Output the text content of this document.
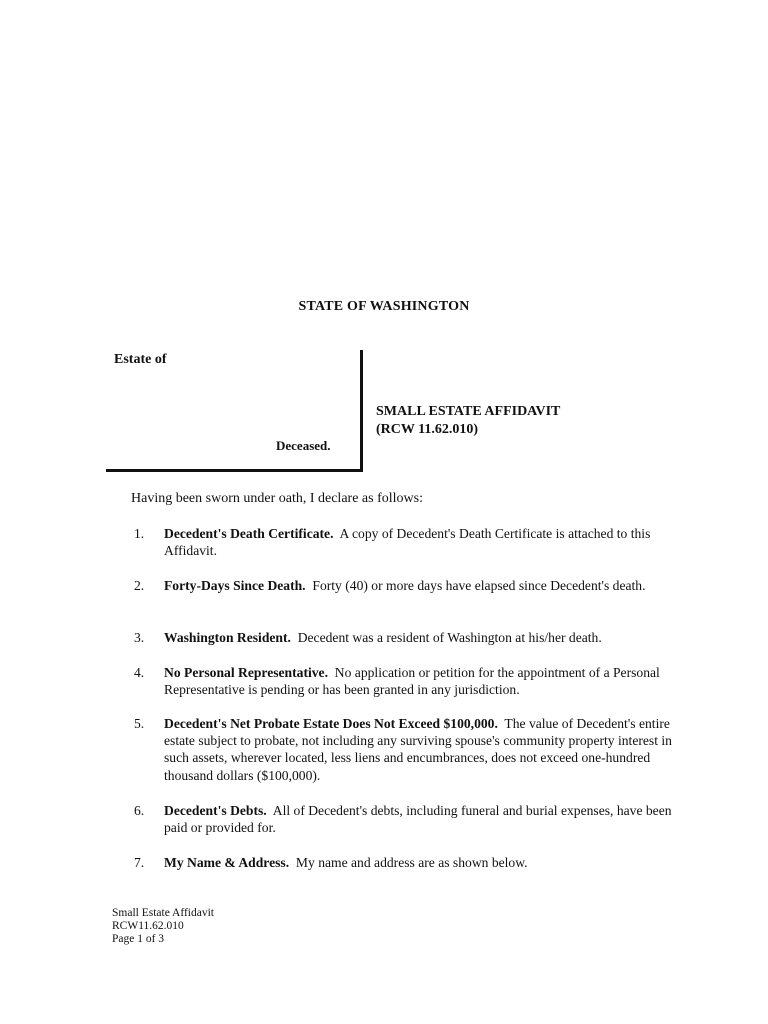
STATE OF WASHINGTON
Estate of
Deceased.
SMALL ESTATE AFFIDAVIT
(RCW 11.62.010)
Having been sworn under oath, I declare as follows:
1.	Decedent's Death Certificate. A copy of Decedent's Death Certificate is attached to this Affidavit.
2.	Forty-Days Since Death. Forty (40) or more days have elapsed since Decedent's death.
3.	Washington Resident. Decedent was a resident of Washington at his/her death.
4.	No Personal Representative. No application or petition for the appointment of a Personal Representative is pending or has been granted in any jurisdiction.
5.	Decedent's Net Probate Estate Does Not Exceed $100,000. The value of Decedent's entire estate subject to probate, not including any surviving spouse's community property interest in such assets, wherever located, less liens and encumbrances, does not exceed one-hundred thousand dollars ($100,000).
6.	Decedent's Debts. All of Decedent's debts, including funeral and burial expenses, have been paid or provided for.
7.	My Name & Address. My name and address are as shown below.
Small Estate Affidavit
RCW11.62.010
Page 1 of 3
